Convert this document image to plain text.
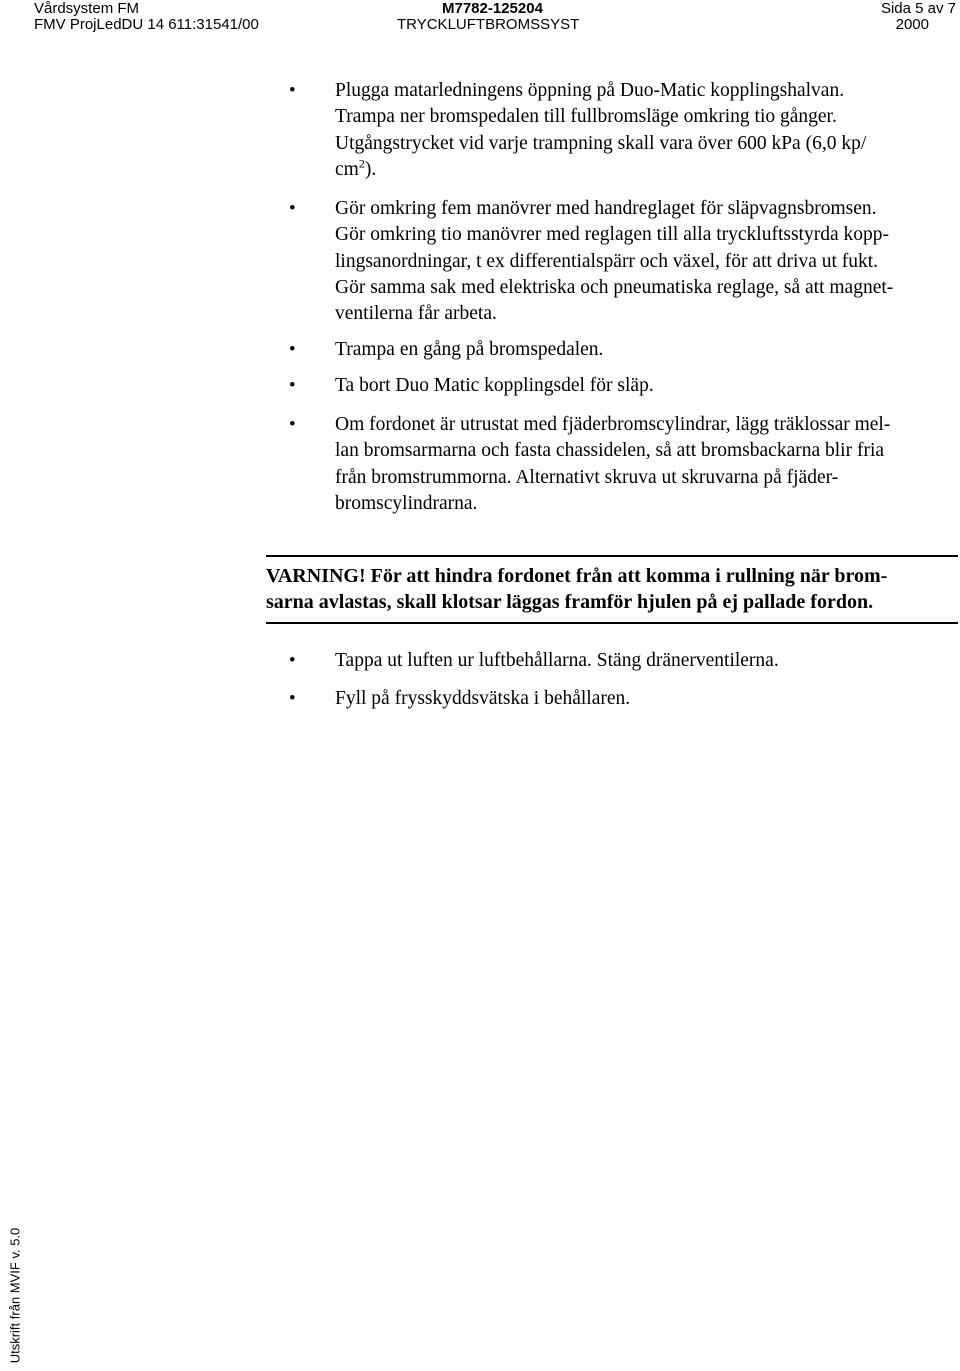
Vårdsystem FM
FMV ProjLedDU 14 611:31541/00
M7782-125204
TRYCKLUFTBROMSSYST
Sida 5 av 7
2000
•	Plugga matarledningens öppning på Duo-Matic kopplingshalvan.
Trampa ner bromspedalen till fullbromsläge omkring tio gånger.
Utgångstrycket vid varje trampning skall vara över 600 kPa (6,0 kp/
$cm^2$).
•	Gör omkring fem manövrer med handreglaget för släpvagnsbromsen.
Gör omkring tio manövrer med reglagen till alla tryckluftsstyrda kopp-
lingsanordningar, t ex differentialspärr och växel, för att driva ut fukt.
Gör samma sak med elektriska och pneumatiska reglage, så att magnet-
ventilerna får arbeta.
•	Trampa en gång på bromspedalen.
•	Ta bort Duo Matic kopplingsdel för släp.
•	Om fordonet är utrustat med fjäderbromscylindrar, lägg träklossar mel-
lan bromsarmarna och fasta chassidelen, så att bromsbackarna blir fria
från bromstrummorna. Alternativt skruva ut skruvarna på fjäder-
bromscylindrarna.
VARNING! För att hindra fordonet från att komma i rullning när brom-
sarna avlastas, skall klotsar läggas framför hjulen på ej pallade fordon.
•	Tappa ut luften ur luftbehållarna. Stäng dränerventilerna.
•	Fyll på frysskyddsvätska i behållaren.
Utskrift från MVIF v. 5.0
